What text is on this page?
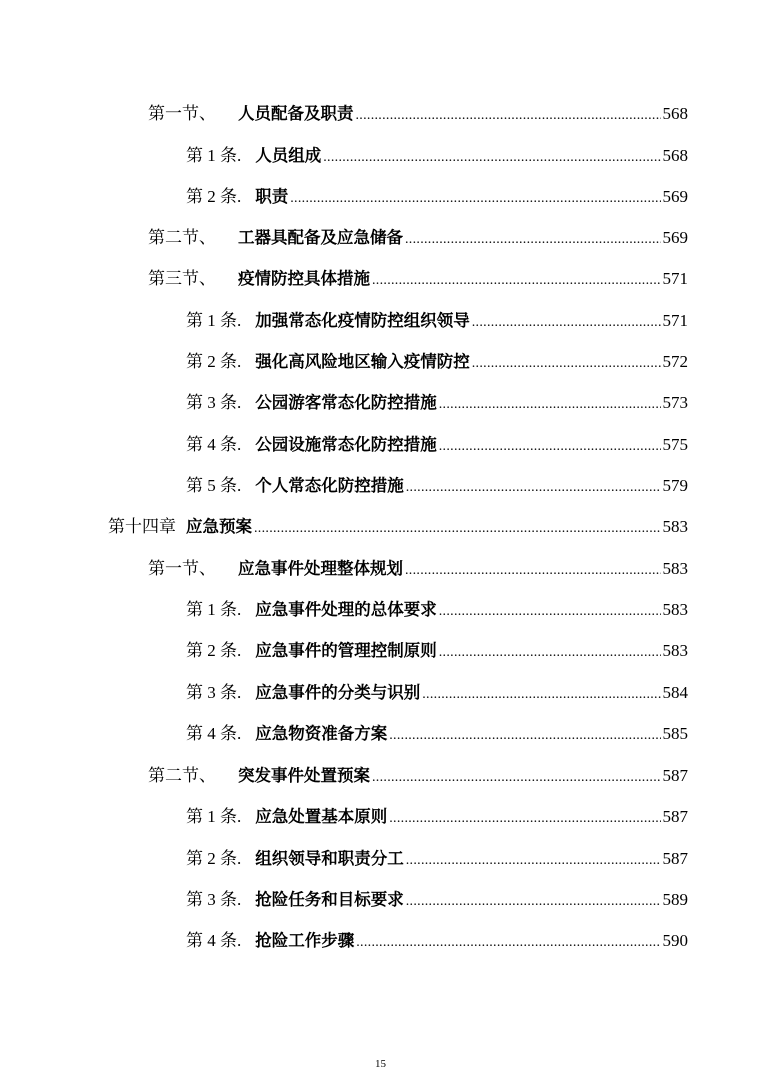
第一节、 人员配备及职责 .....	568
第 1 条. 人员组成 .....	568
第 2 条. 职责 .....	569
第二节、 工器具配备及应急储备 .....	569
第三节、 疫情防控具体措施 .....	571
第 1 条. 加强常态化疫情防控组织领导 .....	571
第 2 条. 强化高风险地区输入疫情防控 .....	572
第 3 条. 公园游客常态化防控措施 .....	573
第 4 条. 公园设施常态化防控措施 .....	575
第 5 条. 个人常态化防控措施 .....	579
第十四章 应急预案 .....	583
第一节、 应急事件处理整体规划 .....	583
第 1 条. 应急事件处理的总体要求 .....	583
第 2 条. 应急事件的管理控制原则 .....	583
第 3 条. 应急事件的分类与识别 .....	584
第 4 条. 应急物资准备方案 .....	585
第二节、 突发事件处置预案 .....	587
第 1 条. 应急处置基本原则 .....	587
第 2 条. 组织领导和职责分工 .....	587
第 3 条. 抢险任务和目标要求 .....	589
第 4 条. 抢险工作步骤 .....	590
15
